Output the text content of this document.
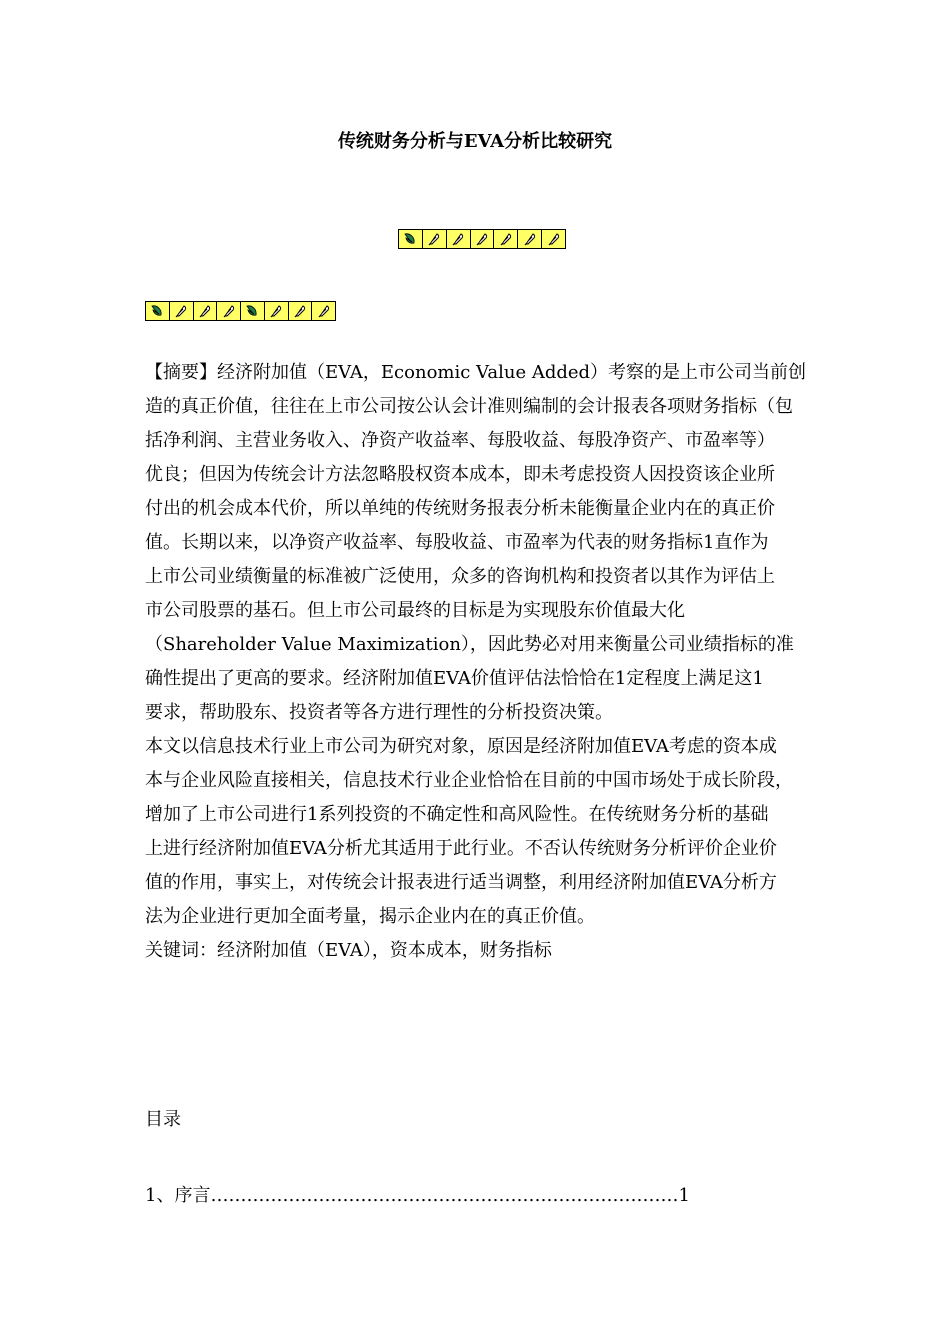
传统财务分析与EVA分析比较研究
【摘要】经济附加值（EVA，Economic Value Added）考察的是上市公司当前创
造的真正价值，往往在上市公司按公认会计准则编制的会计报表各项财务指标（包
括净利润、主营业务收入、净资产收益率、每股收益、每股净资产、市盈率等）
优良；但因为传统会计方法忽略股权资本成本，即未考虑投资人因投资该企业所
付出的机会成本代价，所以单纯的传统财务报表分析未能衡量企业内在的真正价
值。长期以来，以净资产收益率、每股收益、市盈率为代表的财务指标1直作为
上市公司业绩衡量的标准被广泛使用，众多的咨询机构和投资者以其作为评估上
市公司股票的基石。但上市公司最终的目标是为实现股东价值最大化
（Shareholder Value Maximization），因此势必对用来衡量公司业绩指标的准
确性提出了更高的要求。经济附加值EVA价值评估法恰恰在1定程度上满足这1
要求，帮助股东、投资者等各方进行理性的分析投资决策。
本文以信息技术行业上市公司为研究对象，原因是经济附加值EVA考虑的资本成
本与企业风险直接相关，信息技术行业企业恰恰在目前的中国市场处于成长阶段，
增加了上市公司进行1系列投资的不确定性和高风险性。在传统财务分析的基础
上进行经济附加值EVA分析尤其适用于此行业。不否认传统财务分析评价企业价
值的作用，事实上，对传统会计报表进行适当调整，利用经济附加值EVA分析方
法为企业进行更加全面考量，揭示企业内在的真正价值。
关键词：经济附加值（EVA），资本成本，财务指标
目录
1、序言……………………………………………………………………1
